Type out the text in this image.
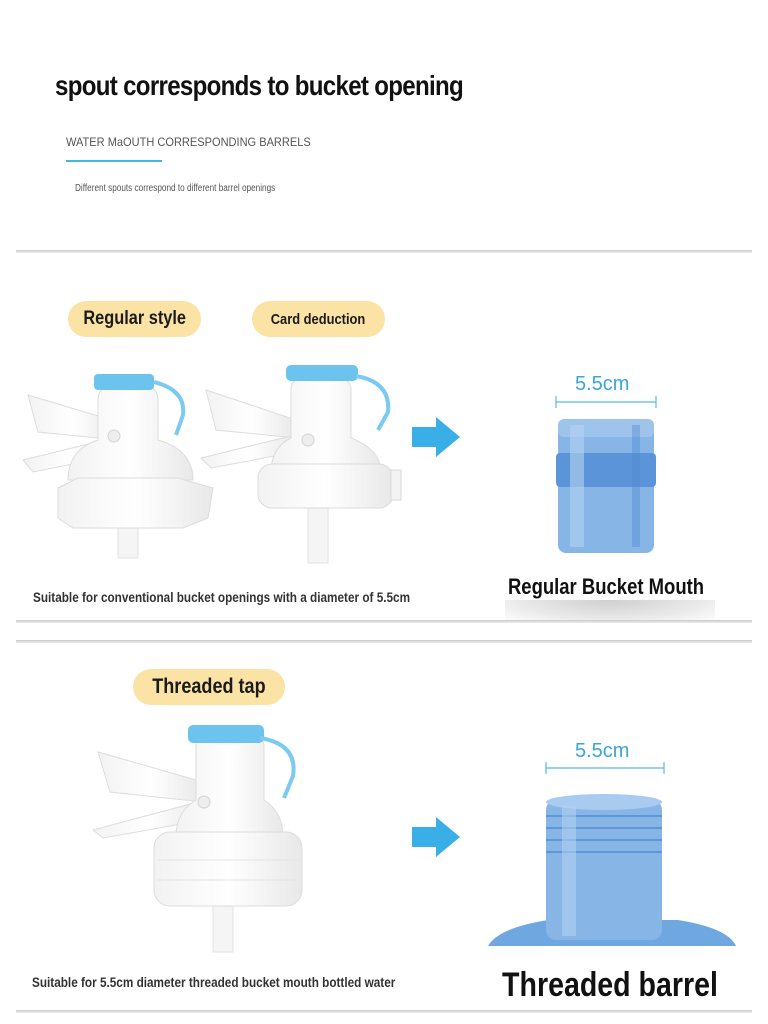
spout corresponds to bucket opening
WATER MaOUTH CORRESPONDING BARRELS
Different spouts correspond to different barrel openings
Regular style	Card deduction
5.5cm
Suitable for conventional bucket openings with a diameter of 5.5cm	Regular Bucket Mouth
Threaded tap
5.5cm
Suitable for 5.5cm diameter threaded bucket mouth bottled water	Threaded barrel
